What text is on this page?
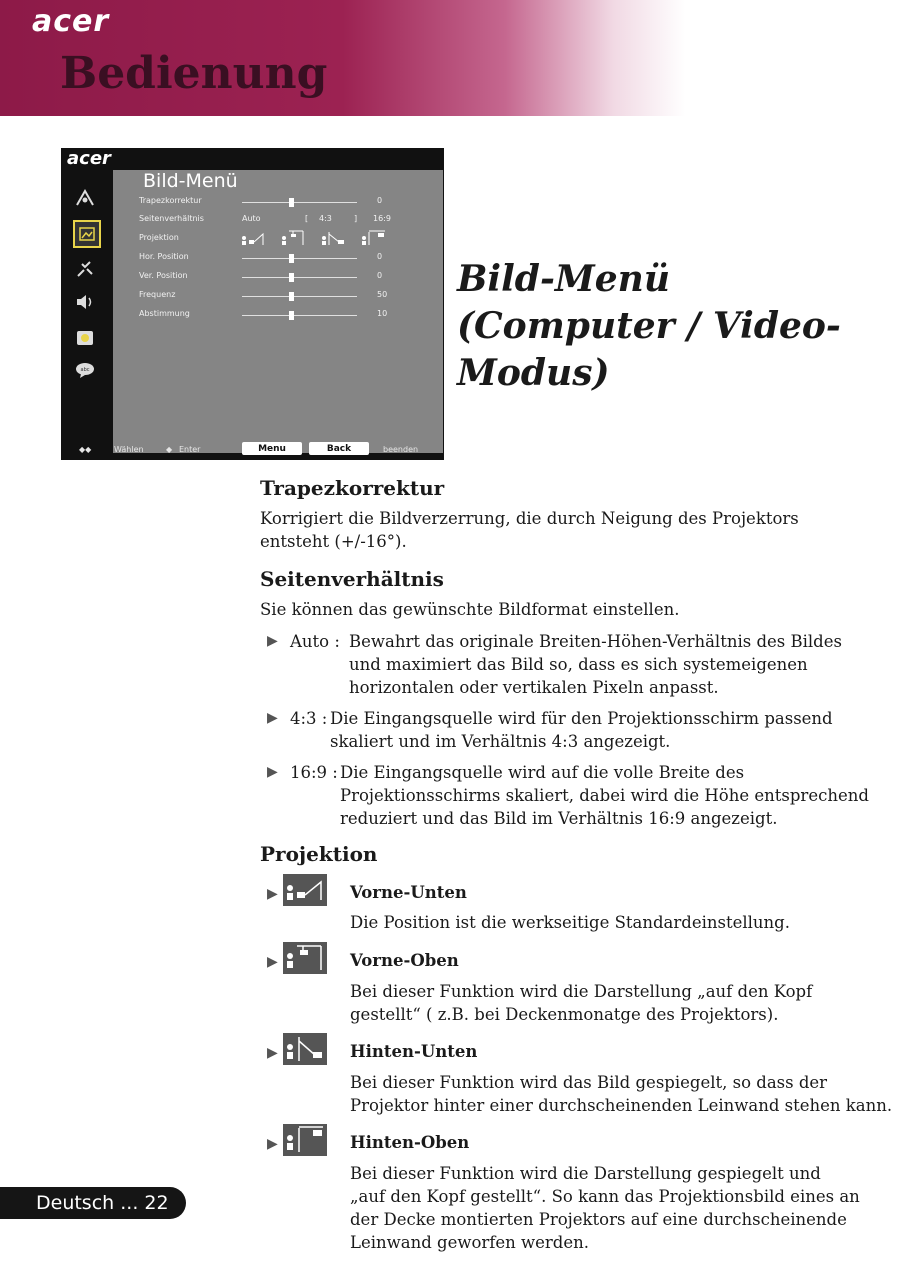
acer
Bedienung
acer
abc
Bild-Menü
Trapezkorrektur	0
Seitenverhältnis	Auto	[ 4:3	] 16:9
Projektion
Hor. Position	0
Ver. Position	0
Frequenz	50
Abstimmung	10
◆◆	Wählen	◆ Enter	Menu	Back	beenden
Bild-Menü
(Computer / Video-
Modus)
Trapezkorrektur
Korrigiert die Bildverzerrung, die durch Neigung des Projektors
entsteht (+/-16°).
Seitenverhältnis
Sie können das gewünschte Bildformat einstellen.
▶ Auto : Bewahrt das originale Breiten-Höhen-Verhältnis des Bildes
und maximiert das Bild so, dass es sich systemeigenen
horizontalen oder vertikalen Pixeln anpasst.
▶ 4:3 : Die Eingangsquelle wird für den Projektionsschirm passend
skaliert und im Verhältnis 4:3 angezeigt.
▶ 16:9 : Die Eingangsquelle wird auf die volle Breite des
Projektionsschirms skaliert, dabei wird die Höhe entsprechend
reduziert und das Bild im Verhältnis 16:9 angezeigt.
Projektion
▶	Vorne-Unten
Die Position ist die werkseitige Standardeinstellung.
▶	Vorne-Oben
Bei dieser Funktion wird die Darstellung „auf den Kopf
gestellt“ ( z.B. bei Deckenmonatge des Projektors).
▶	Hinten-Unten
Bei dieser Funktion wird das Bild gespiegelt, so dass der
Projektor hinter einer durchscheinenden Leinwand stehen kann.
▶	Hinten-Oben
Bei dieser Funktion wird die Darstellung gespiegelt und
„auf den Kopf gestellt“. So kann das Projektionsbild eines an
der Decke montierten Projektors auf eine durchscheinende
Leinwand geworfen werden.
Deutsch ... 22
